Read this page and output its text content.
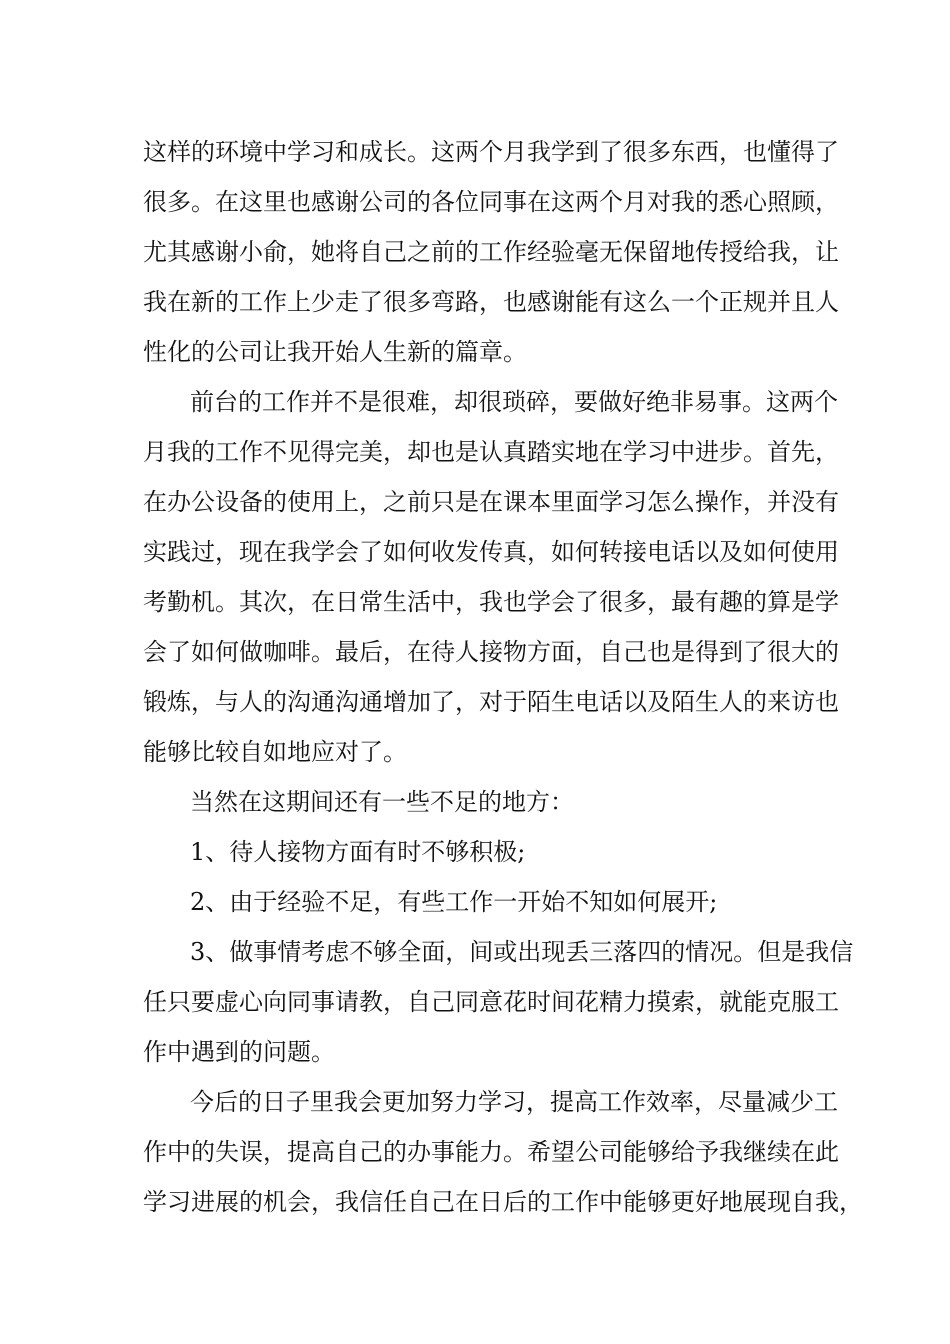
这样的环境中学习和成长。这两个月我学到了很多东西，也懂得了
很多。在这里也感谢公司的各位同事在这两个月对我的悉心照顾，
尤其感谢小俞，她将自己之前的工作经验毫无保留地传授给我，让
我在新的工作上少走了很多弯路，也感谢能有这么一个正规并且人
性化的公司让我开始人生新的篇章。
前台的工作并不是很难，却很琐碎，要做好绝非易事。这两个
月我的工作不见得完美，却也是认真踏实地在学习中进步。首先，
在办公设备的使用上，之前只是在课本里面学习怎么操作，并没有
实践过，现在我学会了如何收发传真，如何转接电话以及如何使用
考勤机。其次，在日常生活中，我也学会了很多，最有趣的算是学
会了如何做咖啡。最后，在待人接物方面，自己也是得到了很大的
锻炼，与人的沟通沟通增加了，对于陌生电话以及陌生人的来访也
能够比较自如地应对了。
当然在这期间还有一些不足的地方：
1、待人接物方面有时不够积极;
2、由于经验不足，有些工作一开始不知如何展开;
3、做事情考虑不够全面，间或出现丢三落四的情况。但是我信
任只要虚心向同事请教，自己同意花时间花精力摸索，就能克服工
作中遇到的问题。
今后的日子里我会更加努力学习，提高工作效率，尽量减少工
作中的失误，提高自己的办事能力。希望公司能够给予我继续在此
学习进展的机会，我信任自己在日后的工作中能够更好地展现自我，
